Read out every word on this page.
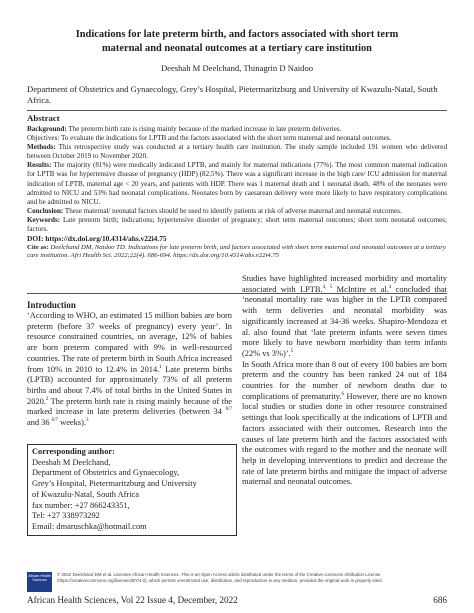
Indications for late preterm birth, and factors associated with short term
maternal and neonatal outcomes at a tertiary care institution
Deeshah M Deelchand, Thinagrin D Naidoo
Department of Obstetrics and Gynaecology, Grey’s Hospital, Pietermaritzburg and University of Kwazulu-Natal, South Africa.

Abstract

Background: The preterm birth rate is rising mainly because of the marked increase in late preterm deliveries.

Objectives: To evaluate the indications for LPTB and the factors associated with the short term maternal and neonatal outcomes.

Methods: This retrospective study was conducted at a tertiary health care institution. The study sample included 191 women who delivered between October 2019 to November 2020.

Results: The majority (81%) were medically indicated LPTB, and mainly for maternal indications (77%). The most common maternal indication for LPTB was for hypertensive disease of pregnancy (HDP) (82.5%). There was a significant increase in the high care/ ICU admission for maternal indication of LPTB, maternal age < 20 years, and patients with HDP. There was 1 maternal death and 1 neonatal death. 48% of the neonates were admitted to NICU and 53% had neonatal complications. Neonates born by caesarean delivery were more likely to have respiratory complications and be admitted to NICU.

Conclusion: These maternal/ neonatal factors should be used to identify patients at risk of adverse maternal and neonatal outcomes.

Keywords: Late preterm birth; indications; hypertensive disorder of pregnancy; short term maternal outcomes; short term neonatal outcomes; factors.

DOI: https://dx.doi.org/10.4314/ahs.v22i4.75

Cite as: Deelchand DM, Naidoo TD. Indications for late preterm birth, and factors associated with short term maternal and neonatal outcomes at a tertiary care institution. Afri Health Sci. 2022;22(4). 686-694. https://dx.doi.org/10.4314/ahs.v22i4.75

Introduction

‘According to WHO, an estimated 15 million babies are born preterm (before 37 weeks of pregnancy) every year’. In resource constrained countries, on average, 12% of babies are born preterm compared with 9% in well-resourced countries. The rate of preterm birth in South Africa increased from 10% in 2010 to 12.4% in 2014.$^1$ Late preterm births (LPTB) accounted for approximately 73% of all preterm births and about 7.4% of total births in the United States in 2020.$^2$ The preterm birth rate is rising mainly because of the marked increase in late preterm deliveries (between 34 $^{0/7}$ and 36 $^{6/7}$ weeks).$^3$

Corresponding author:
Deeshah M Deelchand,
Department of Obstetrics and Gynaecology,
Grey’s Hospital, Pietermaritzburg and University
of Kwazulu-Natal, South Africa
fax number: +27 866243351,
Tel: +27 338973292
Email: dmaruschka@hotmail.com

Studies have highlighted increased morbidity and mortality associated with LPTB.$^{4, 5}$ McIntire et al.$^4$ concluded that ‘neonatal mortality rate was higher in the LPTB compared with term deliveries and neonatal morbidity was significantly increased at 34-36 weeks. Shapiro-Mendoza et al. also found that ‘late preterm infants were seven times more likely to have newborn morbidity than term infants (22% vs 3%)’.$^5$

In South Africa more than 8 out of every 100 babies are born preterm and the country has been ranked 24 out of 184 countries for the number of newborn deaths due to complications of prematurity.$^6$ However, there are no known local studies or studies done in other resource constrained settings that look specifically at the indications of LPTB and factors associated with their outcomes. Research into the causes of late preterm birth and the factors associated with the outcomes with regard to the mother and the neonate will help in developing interventions to predict and decrease the rate of late preterm births and mitigate the impact of adverse maternal and neonatal outcomes.

African Health Sciences
© 2022 Deelchand DM et al. Licensee African Health Sciences. This is an Open Access article distributed under the terms of the Creative commons Attribution License (https://creativecommons.org/licenses/BY/4.0), which permits unrestricted use, distribution, and reproduction in any medium, provided the original work is properly cited.
African Health Sciences, Vol 22 Issue 4, December, 2022	686
